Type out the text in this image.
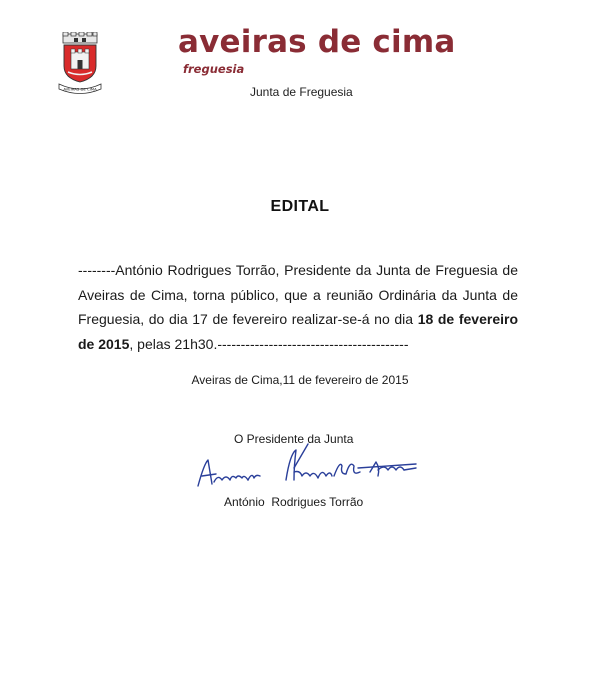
AVEIRAS DE CIMA
aveiras de cima
freguesia
Junta de Freguesia
EDITAL
--------António Rodrigues Torrão, Presidente da Junta de Freguesia de Aveiras de Cima, torna público, que a reunião Ordinária da Junta de Freguesia, do dia 17 de fevereiro realizar-se-á no dia 18 de fevereiro de 2015, pelas 21h30.-----------------------------------------
Aveiras de Cima,11 de fevereiro de 2015
O Presidente da Junta
António  Rodrigues Torrão
